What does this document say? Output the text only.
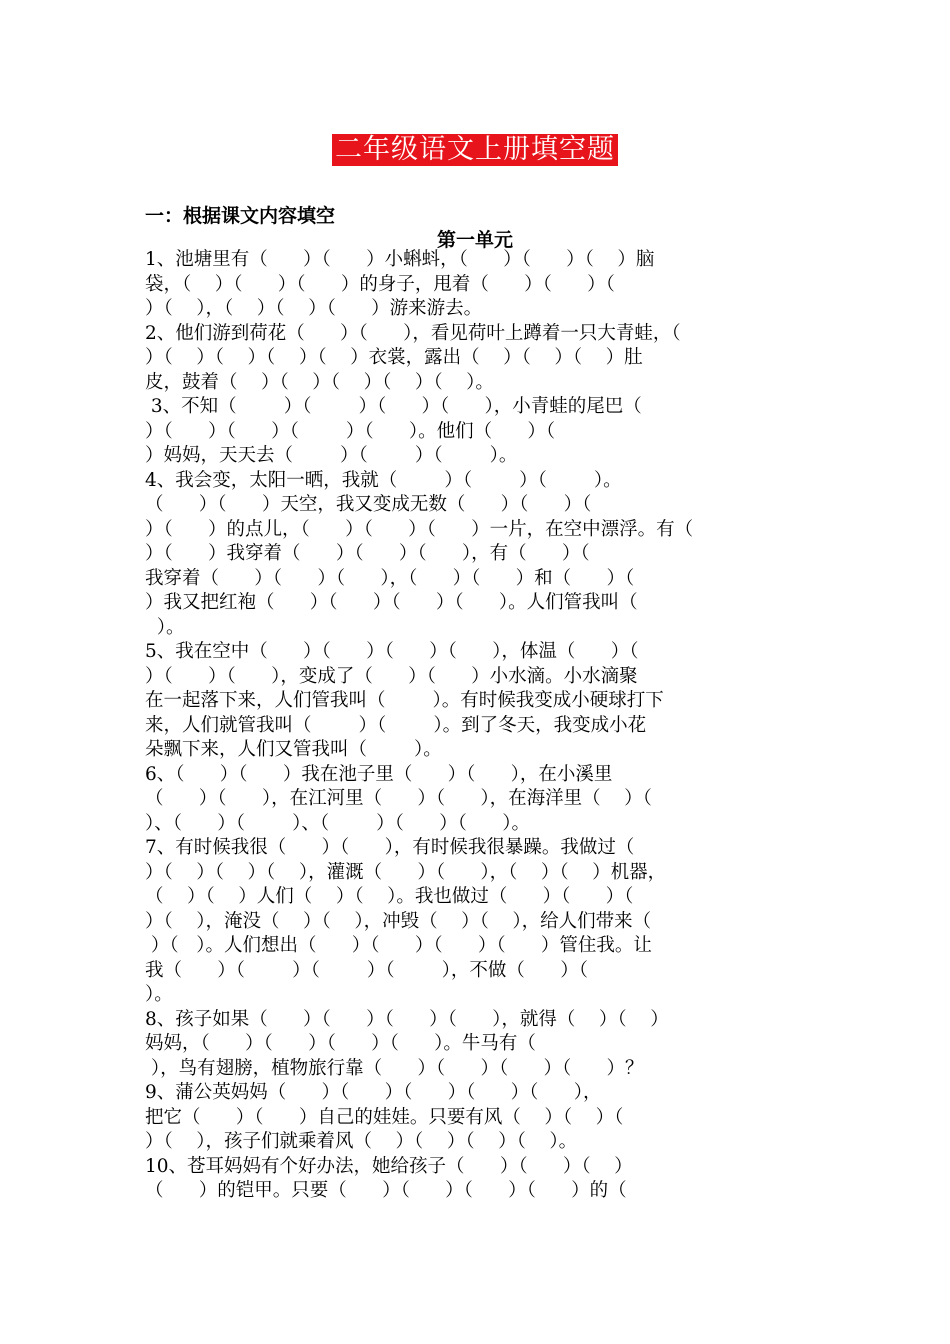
二年级语文上册填空题
一：根据课文内容填空
第一单元
1、池塘里有（      ）（      ）小蝌蚪，（      ）（      ）（    ）脑
袋，（    ）（      ）（      ）的身子，甩着（      ）（      ）（
）（    ），（    ）（    ）（      ）游来游去。
2、他们游到荷花（      ）（      ），看见荷叶上蹲着一只大青蛙，（
）（    ）（    ）（    ）（    ）衣裳，露出（    ）（    ）（    ）肚
皮，鼓着（    ）（    ）（    ）（    ）（    ）。
3、不知（        ）（        ）（      ）（      ），小青蛙的尾巴（
）（      ）（      ）（        ）（      ）。他们（      ）（
）妈妈，天天去（        ）（        ）（        ）。
4、我会变，太阳一晒，我就（        ）（        ）（        ）。
（      ）（      ）天空，我又变成无数（      ）（      ）（
）（      ）的点儿，（      ）（      ）（      ）一片，在空中漂浮。有（
）（      ）我穿着（      ）（      ）（      ），有（      ）（
我穿着（      ）（      ）（      ），（      ）（      ）和（      ）（
）我又把红袍（      ）（      ）（      ）（      ）。人们管我叫（
）。
5、我在空中（      ）（      ）（      ）（      ），体温（      ）（
）（      ）（      ），变成了（      ）（      ）小水滴。小水滴聚
在一起落下来，人们管我叫（        ）。有时候我变成小硬球打下
来，人们就管我叫（        ）（        ）。到了冬天，我变成小花
朵飘下来，人们又管我叫（        ）。
6、（      ）（      ）我在池子里（      ）（      ），在小溪里
（      ）（      ），在江河里（      ）（      ），在海洋里（    ）（
）、（      ）（        ）、（        ）（      ）（      ）。
7、有时候我很（      ）（      ），有时候我很暴躁。我做过（
）（    ）（    ）（    ），灌溉（      ）（      ），（    ）（    ）机器，
（    ）（    ）人们（    ）（    ）。我也做过（      ）（      ）（
）（    ），淹没（    ）（    ），冲毁（    ）（    ），给人们带来（
）（   ）。人们想出（      ）（      ）（      ）（      ）管住我。让
我（      ）（        ）（        ）（        ），不做（      ）（
）。
8、孩子如果（      ）（      ）（      ）（      ），就得（    ）（    ）
妈妈，（      ）（      ）（      ）（      ）。牛马有（
），鸟有翅膀，植物旅行靠（      ）（      ）（      ）（      ）？
9、蒲公英妈妈（      ）（      ）（      ）（      ）（      ），
把它（      ）（      ）自己的娃娃。只要有风（    ）（    ）（
）（    ），孩子们就乘着风（    ）（    ）（    ）（    ）。
10、苍耳妈妈有个好办法，她给孩子（      ）（      ）（    ）
（      ）的铠甲。只要（      ）（      ）（      ）（      ）的（
